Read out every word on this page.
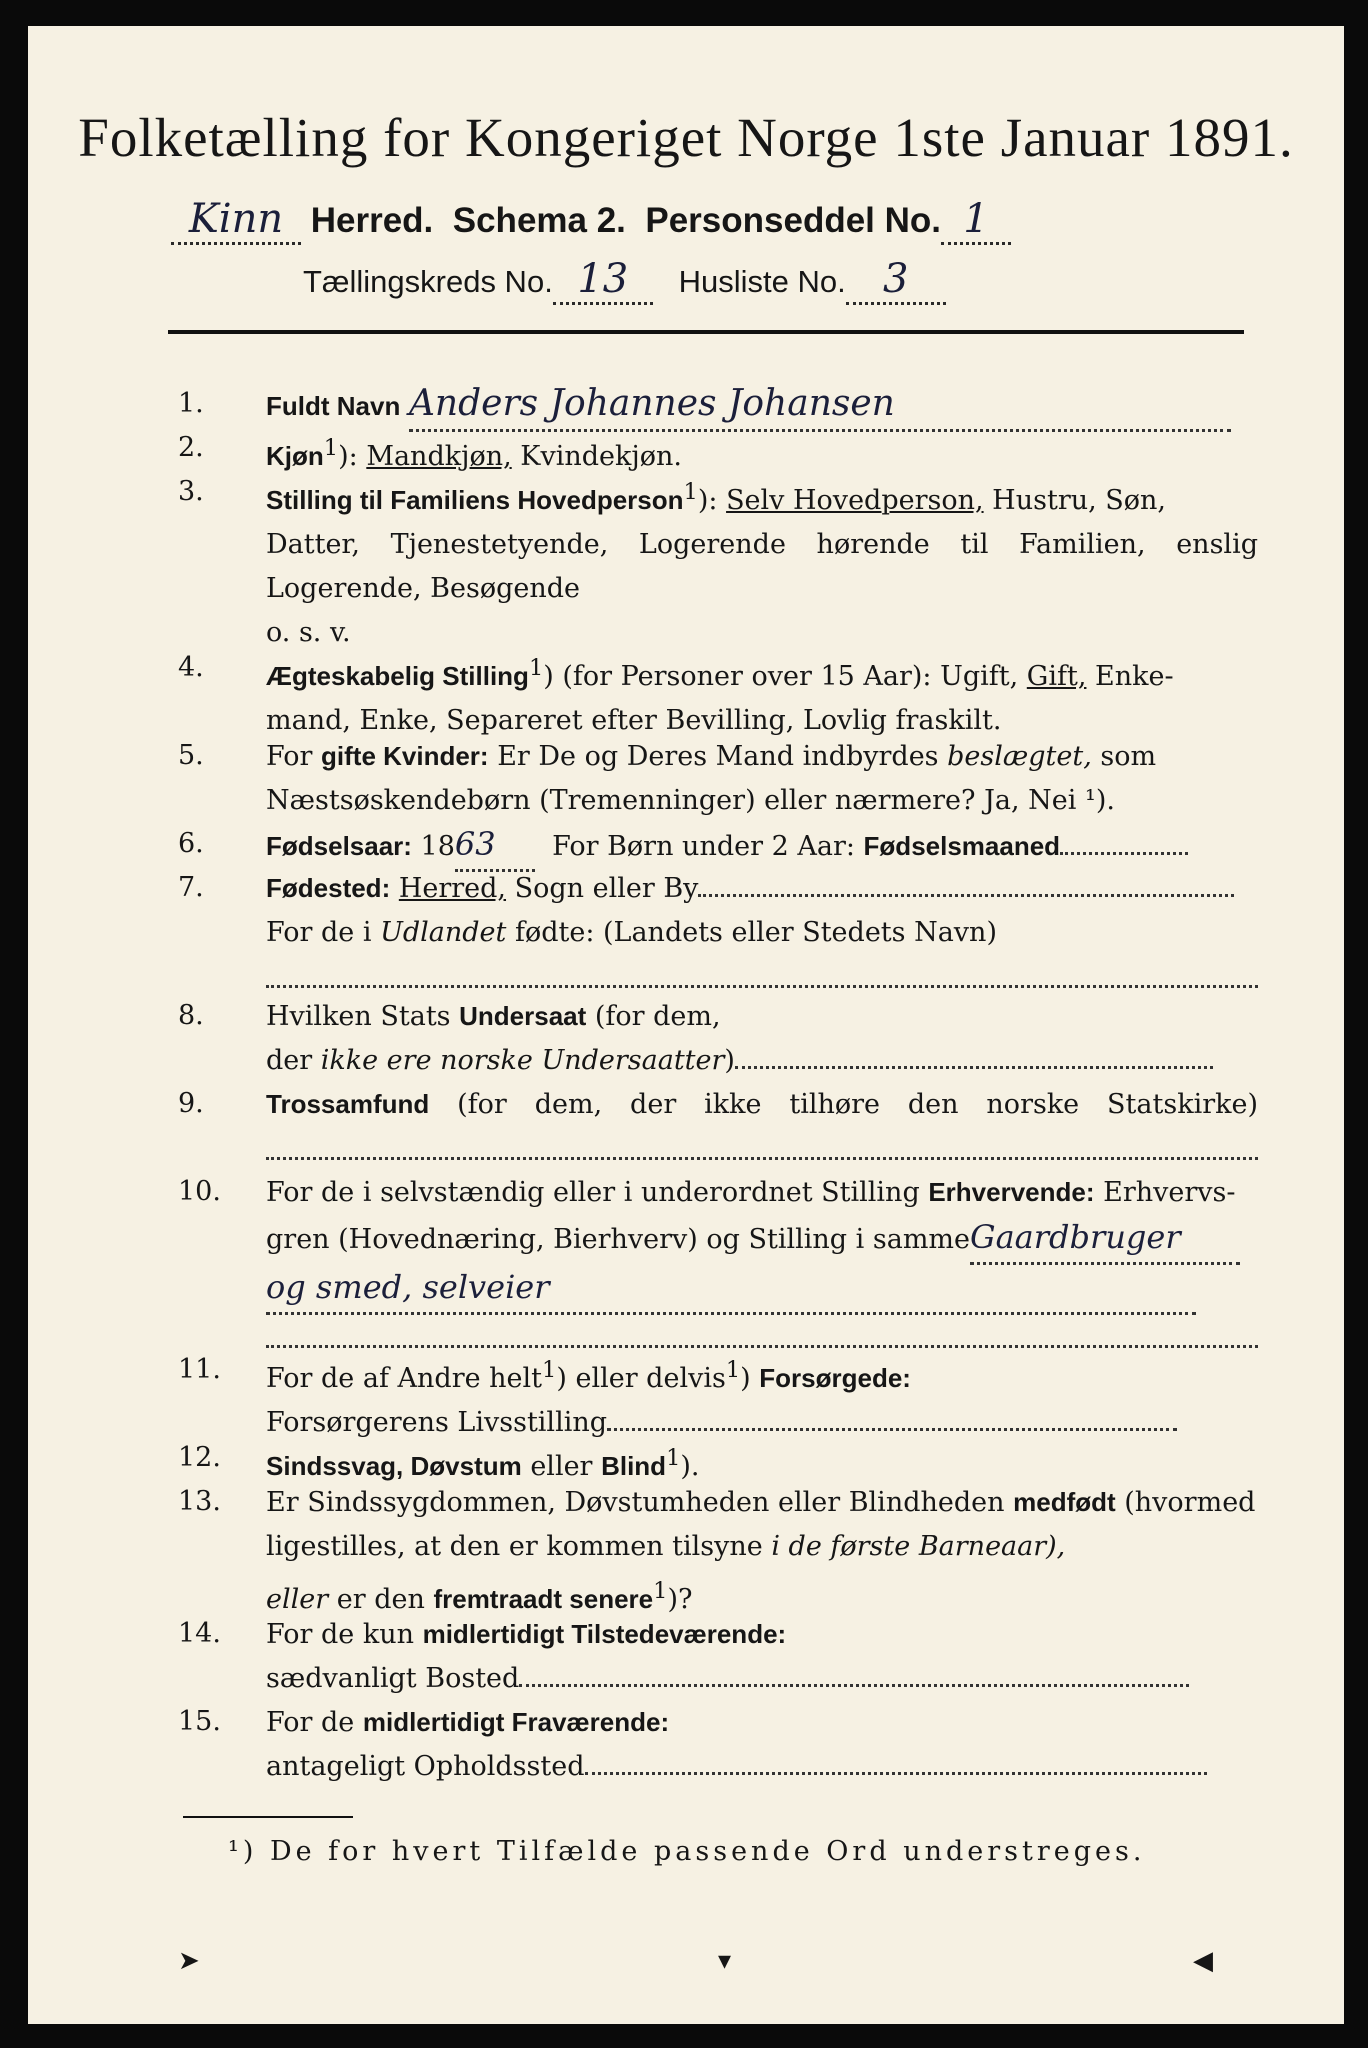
Folketælling for Kongeriget Norge 1ste Januar 1891.
Kinn Herred. Schema 2. Personseddel No. 1
Tællingskreds No. 13 Husliste No. 3
1.	Fuldt Navn Anders Johannes Johansen
2.	Kjøn$^1$): Mandkjøn, Kvindekjøn.
3.	Stilling til Familiens Hovedperson$^1$): Selv Hovedperson, Hustru, Søn,

Datter, Tjenestetyende, Logerende hørende til Familien, enslig
Logerende, Besøgende
o. s. v.
4.	Ægteskabelig Stilling$^1$) (for Personer over 15 Aar): Ugift, Gift, Enke-
mand, Enke, Separeret efter Bevilling, Lovlig fraskilt.
5.	For gifte Kvinder: Er De og Deres Mand indbyrdes beslægtet, som
Næstsøskendebørn (Tremenninger) eller nærmere? Ja, Nei ¹).
6.	Fødselsaar: 1863 For Børn under 2 Aar: Fødselsmaaned
7.	Fødested: Herred, Sogn eller By
For de i Udlandet fødte: (Landets eller Stedets Navn)
8.	Hvilken Stats Undersaat (for dem,
der ikke ere norske Undersaatter)
9.	Trossamfund (for dem, der ikke tilhøre den norske Statskirke)
10.	For de i selvstændig eller i underordnet Stilling Erhvervende: Erhvervs-
gren (Hovednæring, Bierhverv) og Stilling i sammeGaardbruger
og smed, selveier
11.	For de af Andre helt$^1$) eller delvis$^1$) Forsørgede:
Forsørgerens Livsstilling
12.	Sindssvag, Døvstum eller Blind$^1$).
13.	Er Sindssygdommen, Døvstumheden eller Blindheden medfødt (hvormed
ligestilles, at den er kommen tilsyne i de første Barneaar),
eller er den fremtraadt senere$^1$)?
14.	For de kun midlertidigt Tilstedeværende:
sædvanligt Bosted
15.	For de midlertidigt Fraværende:
antageligt Opholdssted
¹) De for hvert Tilfælde passende Ord understreges.
➤	▾	◀
